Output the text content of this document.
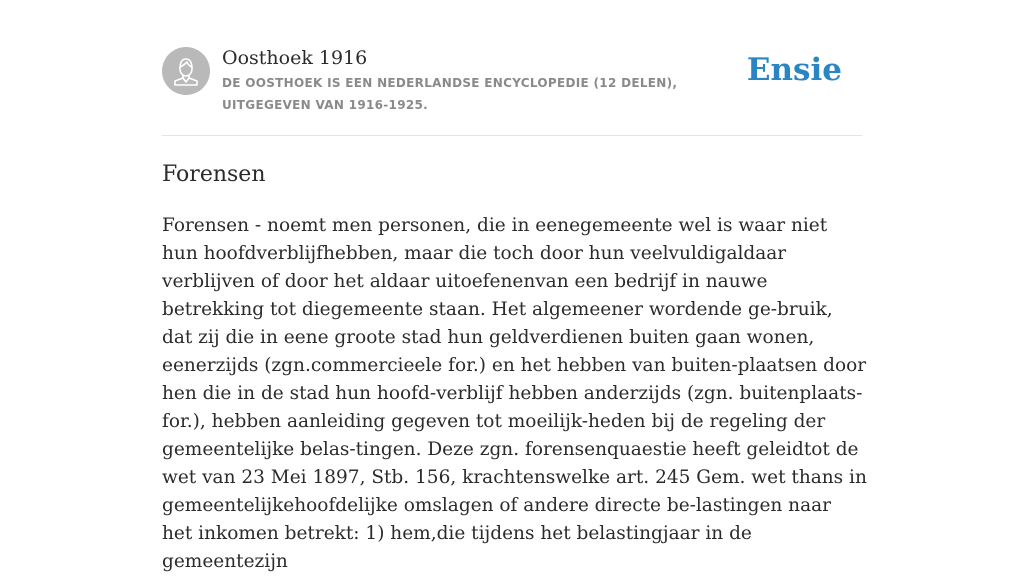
Oosthoek 1916
DE OOSTHOEK IS EEN NEDERLANDSE ENCYCLOPEDIE (12 DELEN), UITGEGEVEN VAN 1916-1925.
Ensie
Forensen

Forensen - noemt men personen, die in eenegemeente wel is waar niet hun hoofdverblijfhebben, maar die toch door hun veelvuldigaldaar verblijven of door het aldaar uitoefenenvan een bedrijf in nauwe betrekking tot diegemeente staan. Het algemeener wordende ge-bruik, dat zij die in eene groote stad hun geldverdienen buiten gaan wonen, eenerzijds (zgn.commercieele for.) en het hebben van buiten-plaatsen door hen die in de stad hun hoofd-verblijf hebben anderzijds (zgn. buitenplaats-for.), hebben aanleiding gegeven tot moeilijk-heden bij de regeling der gemeentelijke belas-tingen. Deze zgn. forensenquaestie heeft geleidtot de wet van 23 Mei 1897, Stb. 156, krachtenswelke art. 245 Gem. wet thans in gemeentelijkehoofdelijke omslagen of andere directe be-lastingen naar het inkomen betrekt: 1) hem,die tijdens het belastingjaar in de gemeentezijn
